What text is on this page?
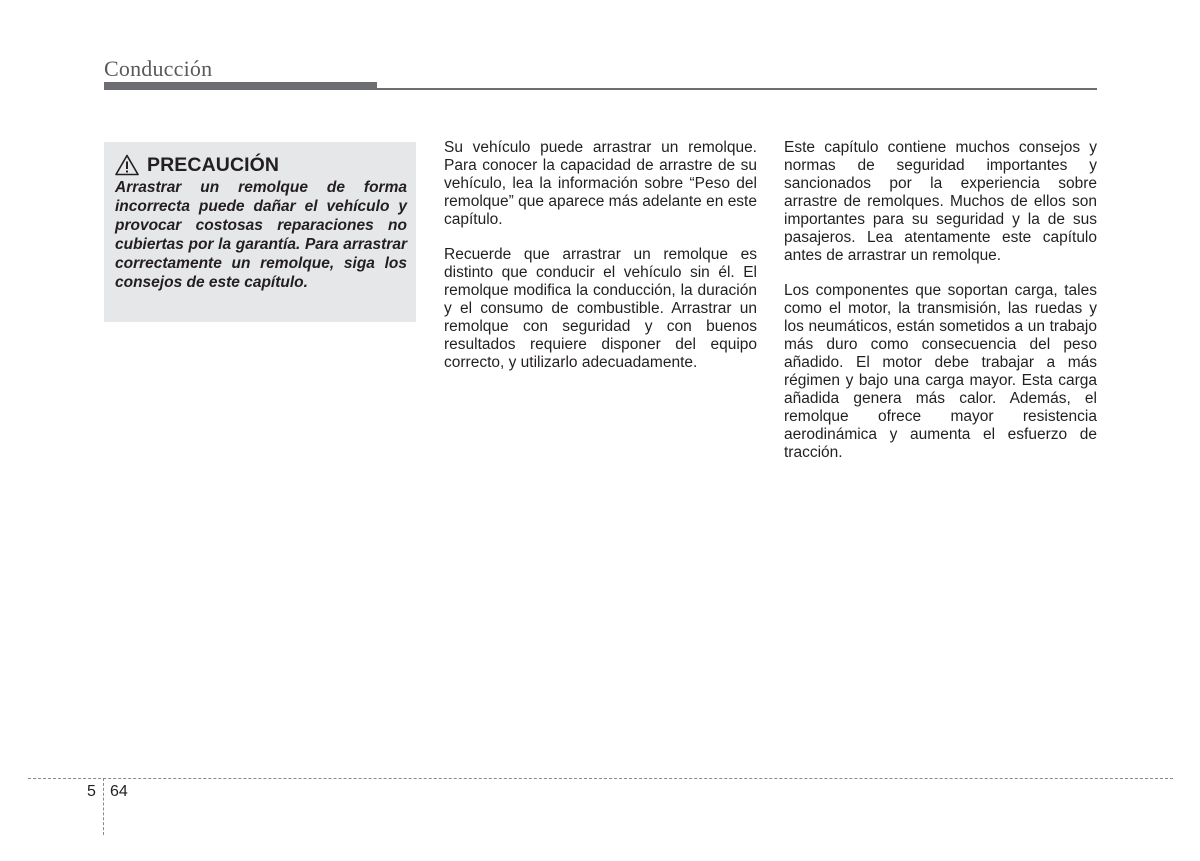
Conducción
PRECAUCIÓN
Arrastrar un remolque de forma incorrecta puede dañar el vehículo y provocar costosas reparaciones no cubiertas por la garantía. Para arrastrar correctamente un remolque, siga los consejos de este capítulo.

Su vehículo puede arrastrar un remolque. Para conocer la capacidad de arrastre de su vehículo, lea la información sobre “Peso del remolque” que aparece más adelante en este capítulo.

Recuerde que arrastrar un remolque es distinto que conducir el vehículo sin él. El remolque modifica la conducción, la duración y el consumo de combustible. Arrastrar un remolque con seguridad y con buenos resultados requiere disponer del equipo correcto, y utilizarlo adecuadamente.

Este capítulo contiene muchos consejos y normas de seguridad importantes y sancionados por la experiencia sobre arrastre de remolques. Muchos de ellos son importantes para su seguridad y la de sus pasajeros. Lea atentamente este capítulo antes de arrastrar un remolque.

Los componentes que soportan carga, tales como el motor, la transmisión, las ruedas y los neumáticos, están sometidos a un trabajo más duro como consecuencia del peso añadido. El motor debe trabajar a más régimen y bajo una carga mayor. Esta carga añadida genera más calor. Además, el remolque ofrece mayor resistencia aerodinámica y aumenta el esfuerzo de tracción.

5 64
